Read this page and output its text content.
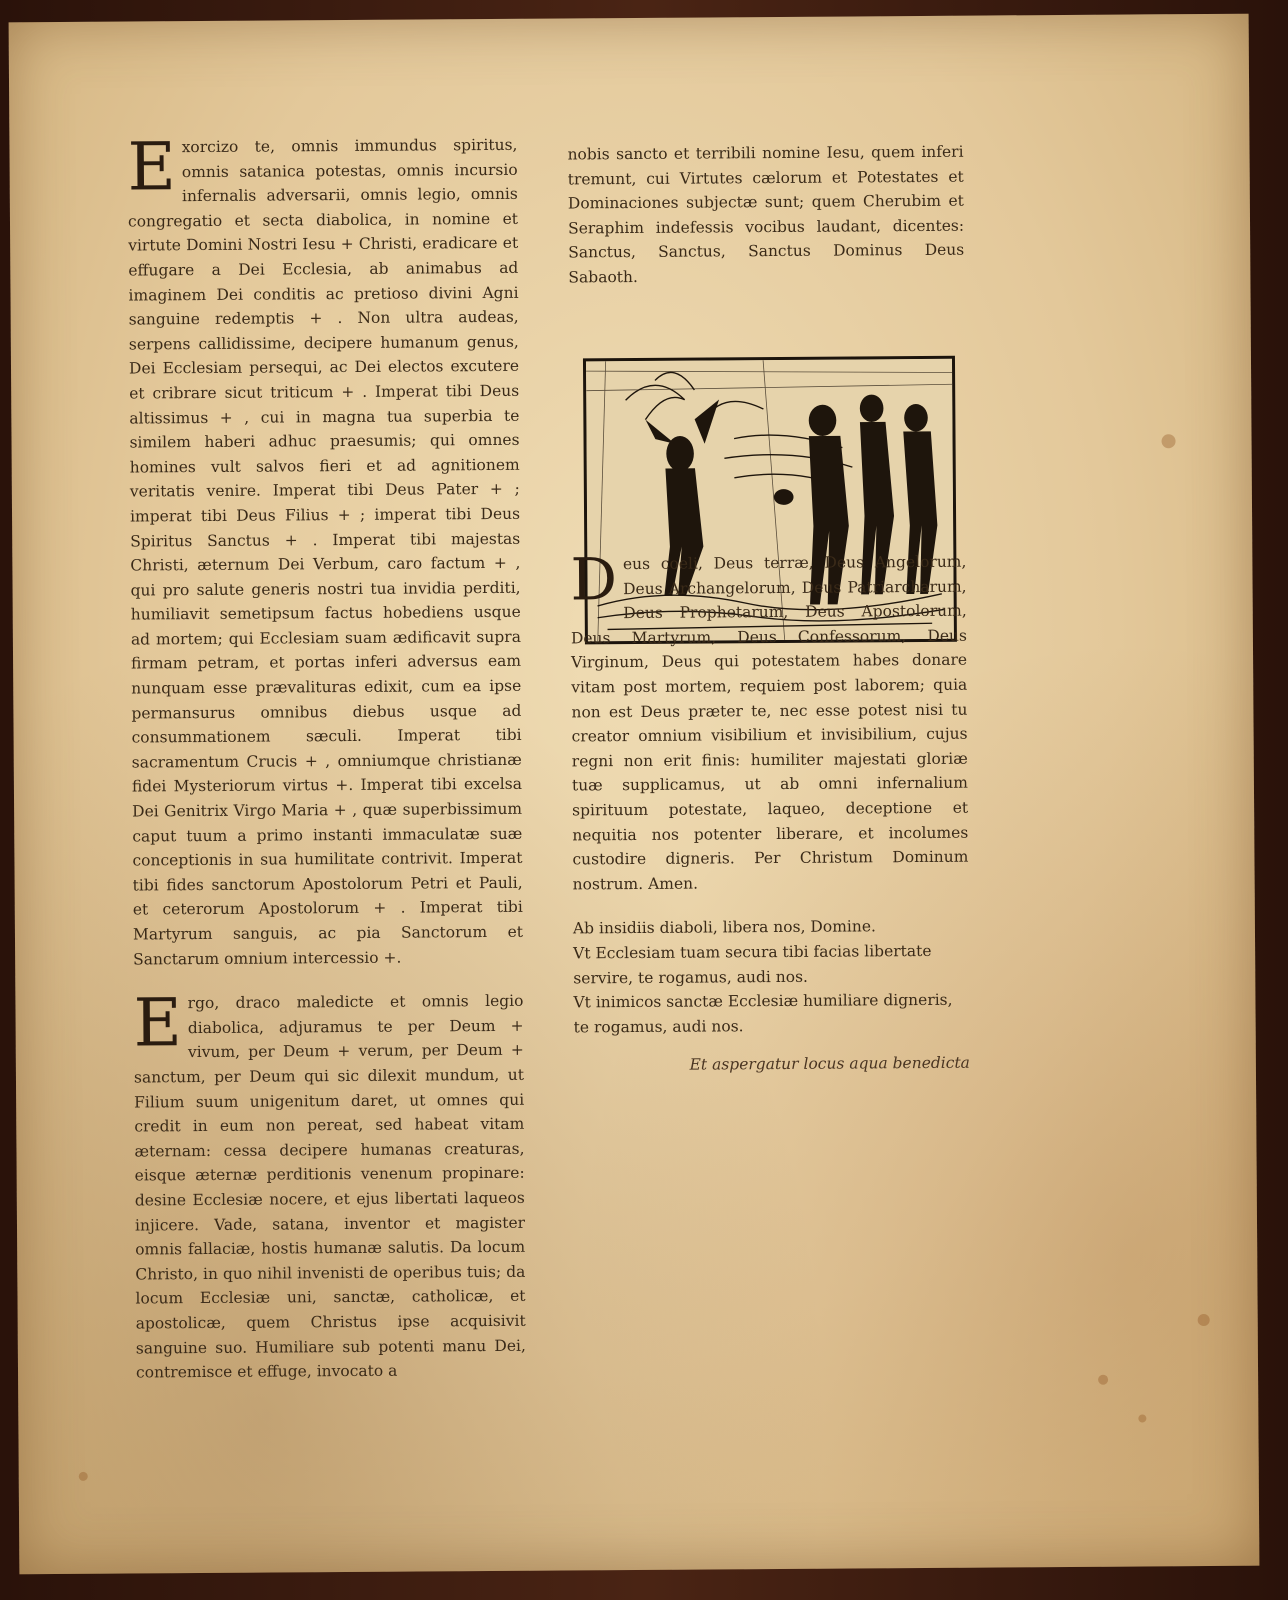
E xorcizo te, omnis immundus spiritus, omnis satanica potestas, omnis incursio infernalis adversarii, omnis legio, omnis congregatio et secta diabolica, in nomine et virtute Domini Nostri Iesu + Christi, eradicare et effugare a Dei Ecclesia, ab animabus ad imaginem Dei conditis ac pretioso divini Agni sanguine redemptis + . Non ultra audeas, serpens callidissime, decipere humanum genus, Dei Ecclesiam persequi, ac Dei electos excutere et cribrare sicut triticum + . Imperat tibi Deus altissimus + , cui in magna tua superbia te similem haberi adhuc praesumis; qui omnes homines vult salvos fieri et ad agnitionem veritatis venire. Imperat tibi Deus Pater + ; imperat tibi Deus Filius + ; imperat tibi Deus Spiritus Sanctus + . Imperat tibi majestas Christi, æternum Dei Verbum, caro factum + , qui pro salute generis nostri tua invidia perditi, humiliavit semetipsum factus hobediens usque ad mortem; qui Ecclesiam suam ædificavit supra firmam petram, et portas inferi adversus eam nunquam esse prævalituras edixit, cum ea ipse permansurus omnibus diebus usque ad consummationem sæculi. Imperat tibi sacramentum Crucis + , omniumque christianæ fidei Mysteriorum virtus +. Imperat tibi excelsa Dei Genitrix Virgo Maria + , quæ superbissimum caput tuum a primo instanti immaculatæ suæ conceptionis in sua humilitate contrivit. Imperat tibi fides sanctorum Apostolorum Petri et Pauli, et ceterorum Apostolorum + . Imperat tibi Martyrum sanguis, ac pia Sanctorum et Sanctarum omnium intercessio +.

E rgo, draco maledicte et omnis legio diabolica, adjuramus te per Deum + vivum, per Deum + verum, per Deum + sanctum, per Deum qui sic dilexit mundum, ut Filium suum unigenitum daret, ut omnes qui credit in eum non pereat, sed habeat vitam æternam: cessa decipere humanas creaturas, eisque æternæ perditionis venenum propinare: desine Ecclesiæ nocere, et ejus libertati laqueos injicere. Vade, satana, inventor et magister omnis fallaciæ, hostis humanæ salutis. Da locum Christo, in quo nihil invenisti de operibus tuis; da locum Ecclesiæ uni, sanctæ, catholicæ, et apostolicæ, quem Christus ipse acquisivit sanguine suo. Humiliare sub potenti manu Dei, contremisce et effuge, invocato a

nobis sancto et terribili nomine Iesu, quem inferi tremunt, cui Virtutes cælorum et Potestates et Dominaciones subjectæ sunt; quem Cherubim et Seraphim indefessis vocibus laudant, dicentes: Sanctus, Sanctus, Sanctus Dominus Deus Sabaoth.

D eus coeli, Deus terræ, Deus Angelorum, Deus Archangelorum, Deus Patriarcharum, Deus Prophetarum, Deus Apostolorum, Deus Martyrum, Deus Confessorum, Deus Virginum, Deus qui potestatem habes donare vitam post mortem, requiem post laborem; quia non est Deus præter te, nec esse potest nisi tu creator omnium visibilium et invisibilium, cujus regni non erit finis: humiliter majestati gloriæ tuæ supplicamus, ut ab omni infernalium spirituum potestate, laqueo, deceptione et nequitia nos potenter liberare, et incolumes custodire digneris. Per Christum Dominum nostrum. Amen.

Ab insidiis diaboli, libera nos, Domine.
Vt Ecclesiam tuam secura tibi facias libertate servire, te rogamus, audi nos.
Vt inimicos sanctæ Ecclesiæ humiliare digneris, te rogamus, audi nos.
Et aspergatur locus aqua benedicta
